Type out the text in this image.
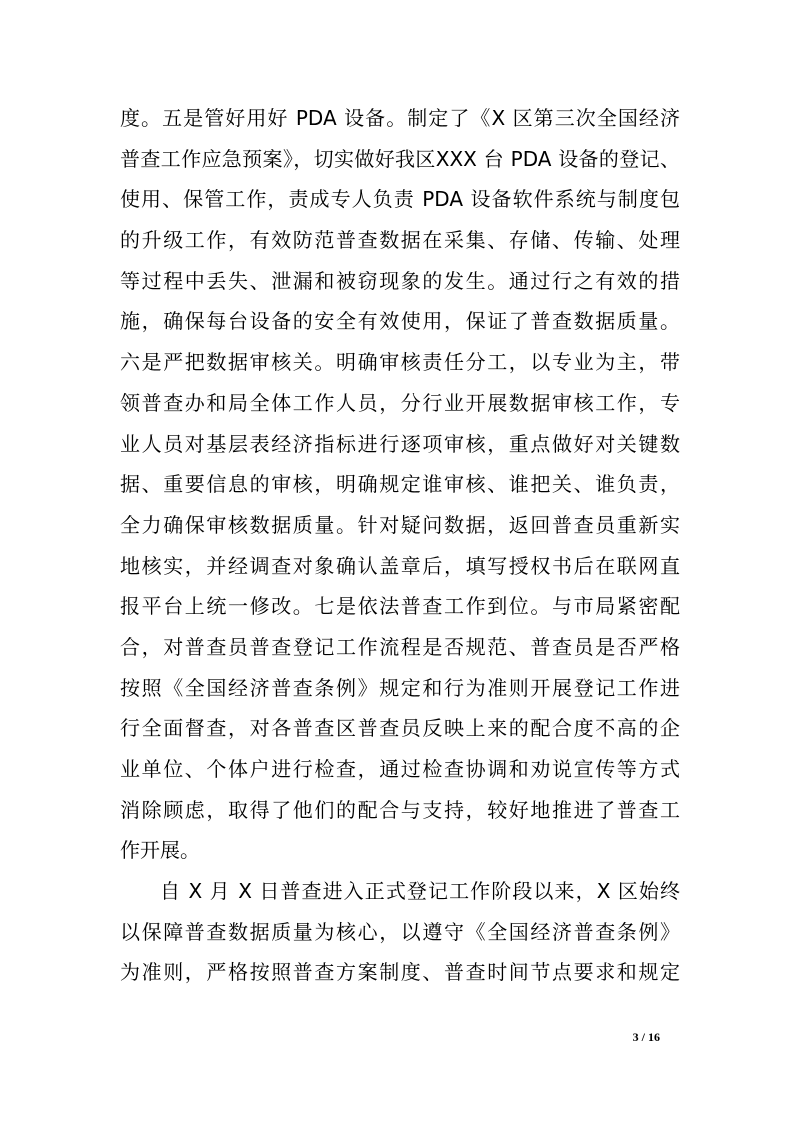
度。五是管好用好 PDA 设备。制定了《X 区第三次全国经济
普查工作应急预案》，切实做好我区XXX 台 PDA 设备的登记、
使用、保管工作，责成专人负责 PDA 设备软件系统与制度包
的升级工作，有效防范普查数据在采集、存储、传输、处理
等过程中丢失、泄漏和被窃现象的发生。通过行之有效的措
施，确保每台设备的安全有效使用，保证了普查数据质量。
六是严把数据审核关。明确审核责任分工，以专业为主，带
领普查办和局全体工作人员，分行业开展数据审核工作，专
业人员对基层表经济指标进行逐项审核，重点做好对关键数
据、重要信息的审核，明确规定谁审核、谁把关、谁负责，
全力确保审核数据质量。针对疑问数据，返回普查员重新实
地核实，并经调查对象确认盖章后，填写授权书后在联网直
报平台上统一修改。七是依法普查工作到位。与市局紧密配
合，对普查员普查登记工作流程是否规范、普查员是否严格
按照《全国经济普查条例》规定和行为准则开展登记工作进
行全面督查，对各普查区普查员反映上来的配合度不高的企
业单位、个体户进行检查，通过检查协调和劝说宣传等方式
消除顾虑，取得了他们的配合与支持，较好地推进了普查工
作开展。
自 X 月 X 日普查进入正式登记工作阶段以来，X 区始终
以保障普查数据质量为核心，以遵守《全国经济普查条例》
为准则，严格按照普查方案制度、普查时间节点要求和规定
3 / 16
